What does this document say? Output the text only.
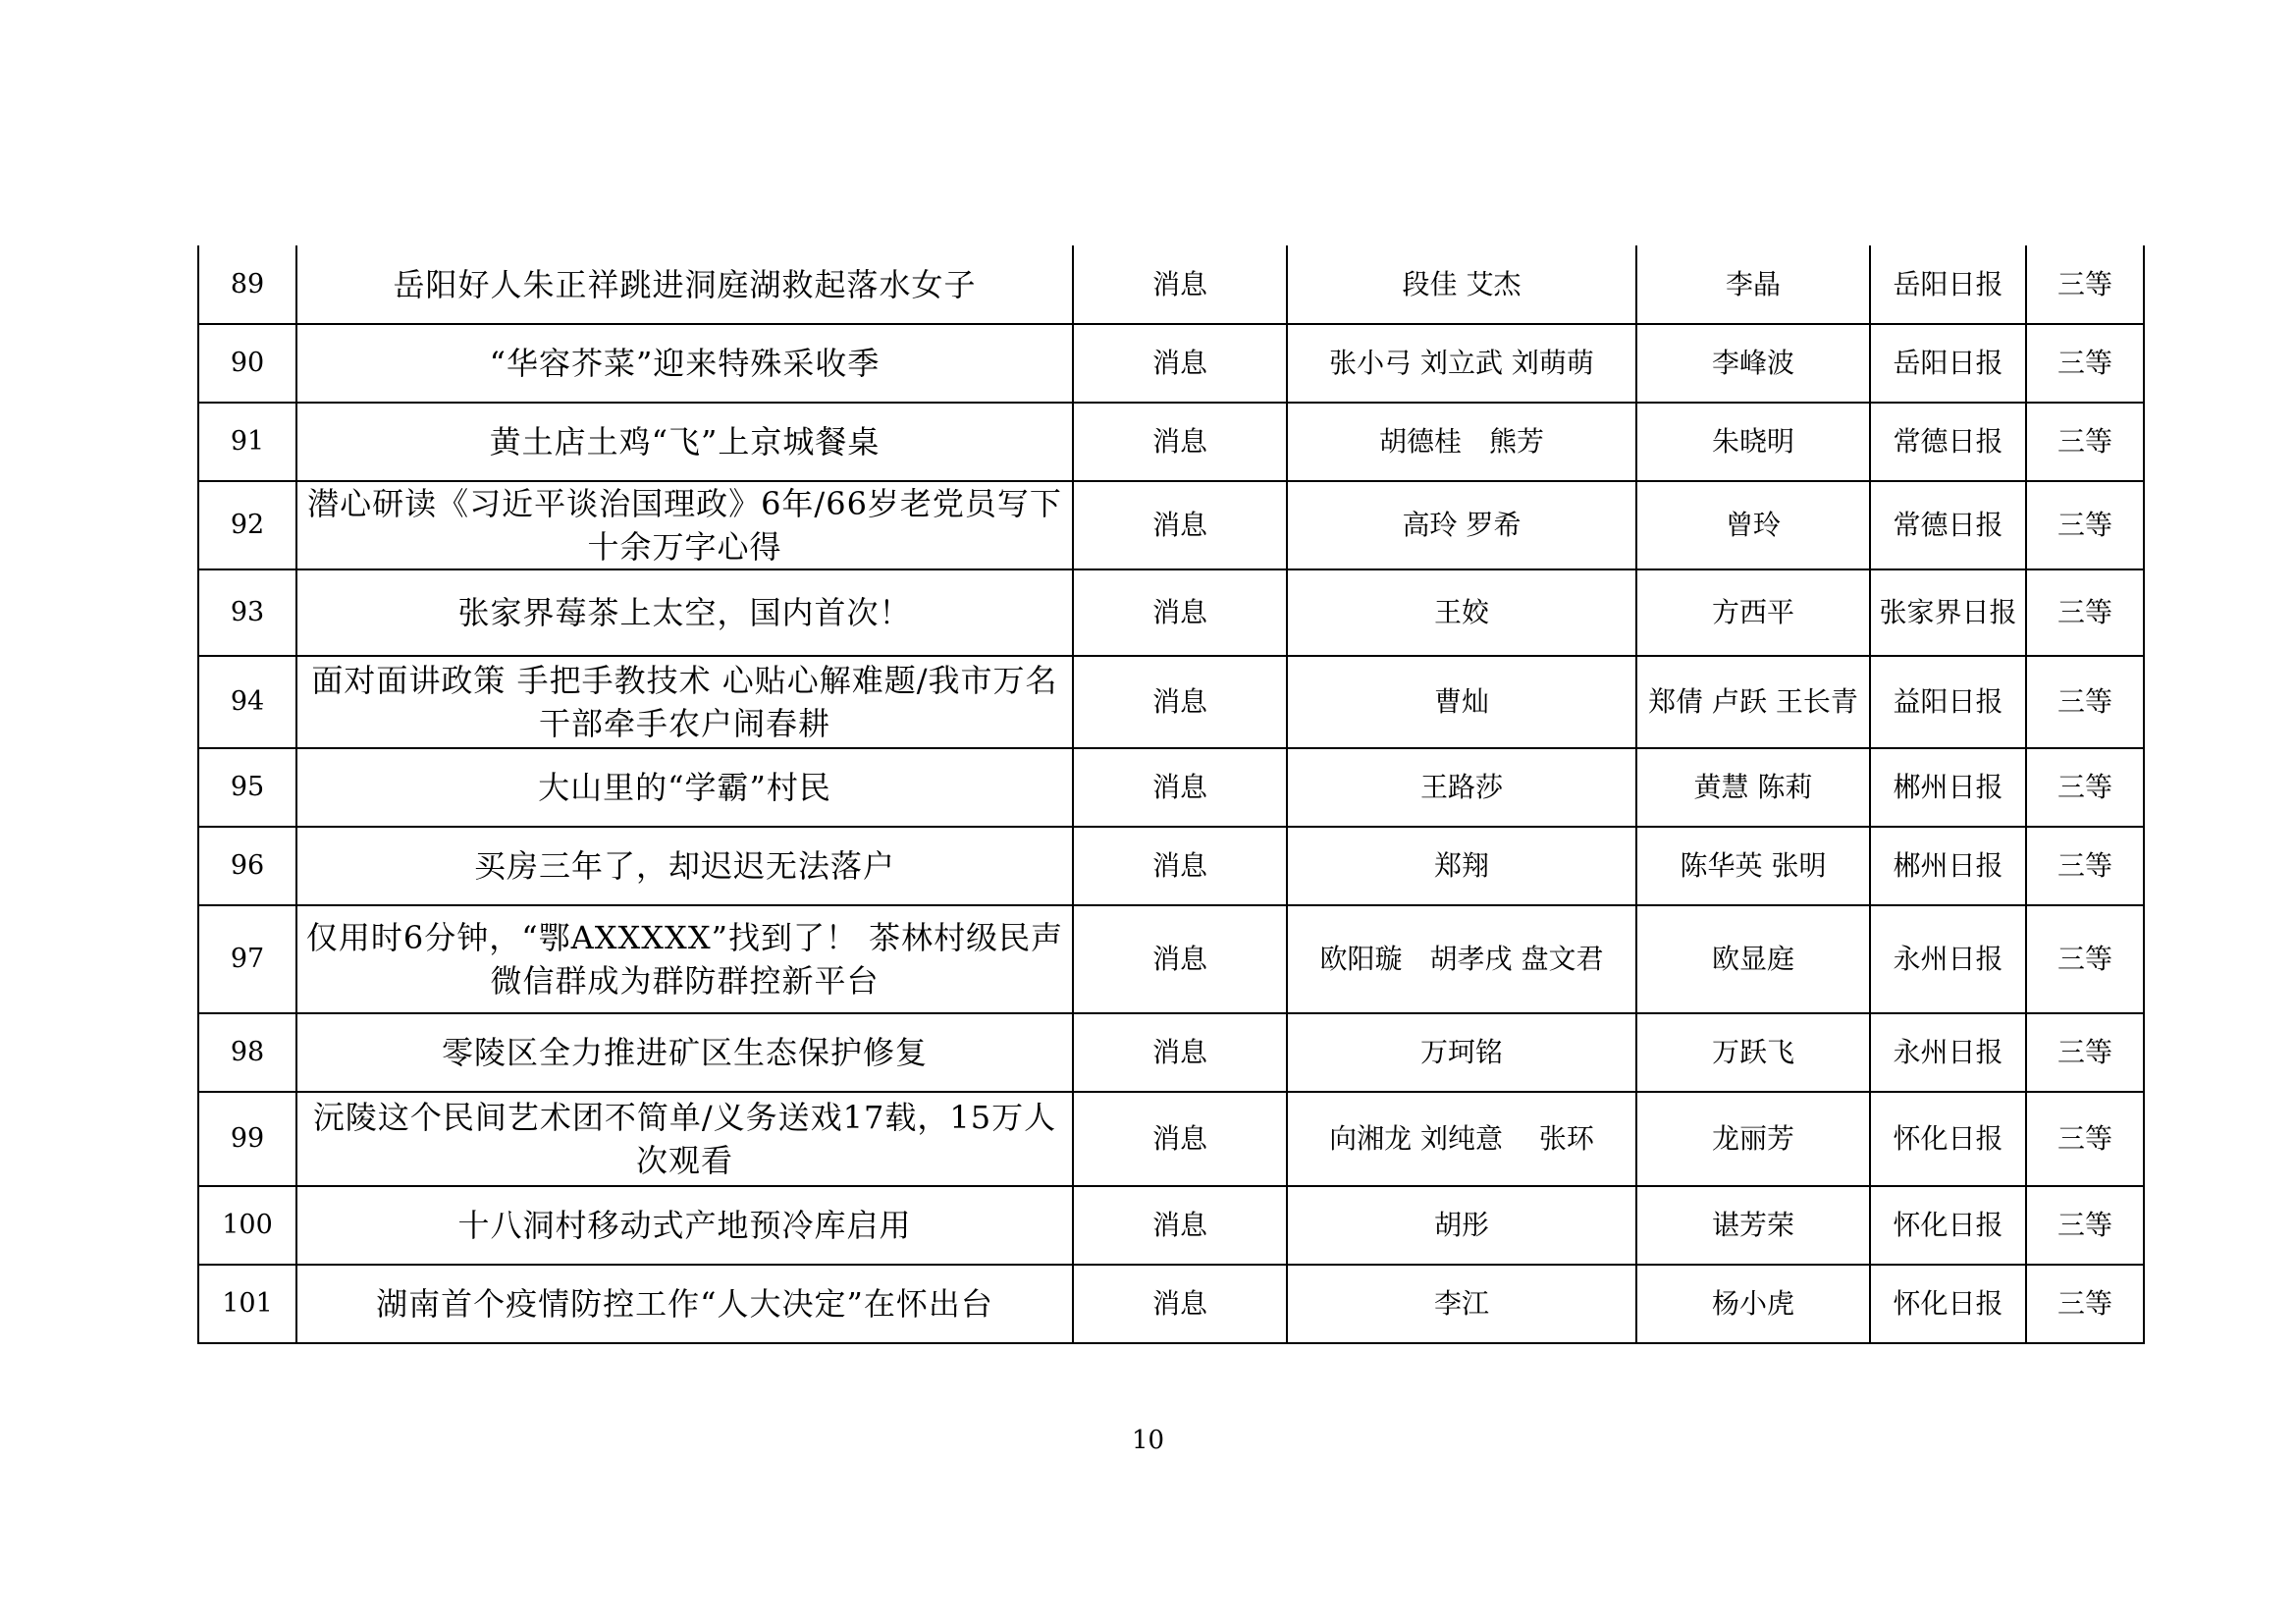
89	岳阳好人朱正祥跳进洞庭湖救起落水女子	消息	段佳 艾杰	李晶	岳阳日报	三等
90	“华容芥菜”迎来特殊采收季	消息	张小弓 刘立武 刘萌萌	李峰波	岳阳日报	三等
91	黄土店土鸡“飞”上京城餐桌	消息	胡德桂　熊芳	朱晓明	常德日报	三等
92	潜心研读《习近平谈治国理政》6年/66岁老党员写下十余万字心得	消息	高玲 罗希	曾玲	常德日报	三等
93	张家界莓茶上太空，国内首次！	消息	王姣	方西平	张家界日报	三等
94	面对面讲政策 手把手教技术 心贴心解难题/我市万名干部牵手农户闹春耕	消息	曹灿	郑倩 卢跃 王长青	益阳日报	三等
95	大山里的“学霸”村民	消息	王路莎	黄慧 陈莉	郴州日报	三等
96	买房三年了，却迟迟无法落户	消息	郑翔	陈华英 张明	郴州日报	三等
97	仅用时6分钟，“鄂AXXXXX”找到了！ 茶林村级民声微信群成为群防群控新平台	消息	欧阳璇　胡孝戌 盘文君	欧显庭	永州日报	三等
98	零陵区全力推进矿区生态保护修复	消息	万珂铭	万跃飞	永州日报	三等
99	沅陵这个民间艺术团不简单/义务送戏17载，15万人次观看	消息	向湘龙 刘纯意　 张环	龙丽芳	怀化日报	三等
100	十八洞村移动式产地预冷库启用	消息	胡彤	谌芳荣	怀化日报	三等
101	湖南首个疫情防控工作“人大决定”在怀出台	消息	李江	杨小虎	怀化日报	三等
10
